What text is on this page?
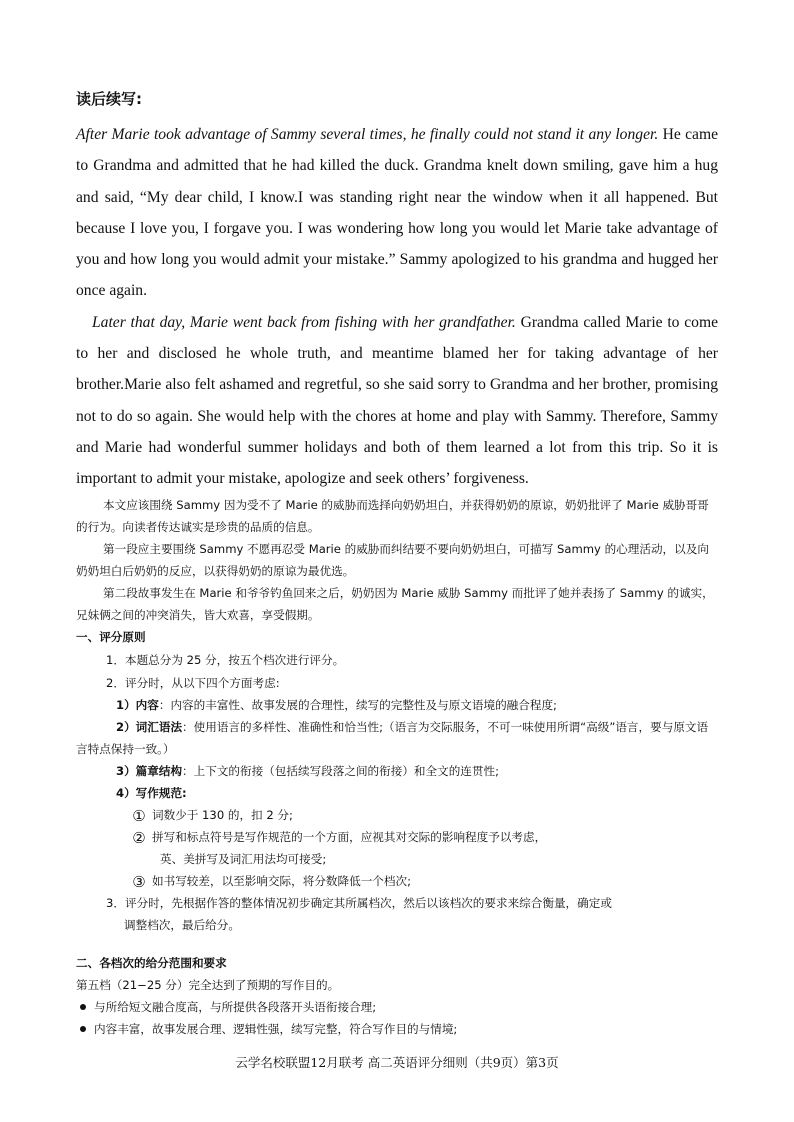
读后续写:

After Marie took advantage of Sammy several times, he finally could not stand it any longer. He came to Grandma and admitted that he had killed the duck. Grandma knelt down smiling, gave him a hug and said, “My dear child, I know.I was standing right near the window when it all happened. But because I love you, I forgave you. I was wondering how long you would let Marie take advantage of you and how long you would admit your mistake.” Sammy apologized to his grandma and hugged her once again.

Later that day, Marie went back from fishing with her grandfather. Grandma called Marie to come to her and disclosed he whole truth, and meantime blamed her for taking advantage of her brother.Marie also felt ashamed and regretful, so she said sorry to Grandma and her brother, promising not to do so again. She would help with the chores at home and play with Sammy. Therefore, Sammy and Marie had wonderful summer holidays and both of them learned a lot from this trip. So it is important to admit your mistake, apologize and seek others’ forgiveness.

本文应该围绕 Sammy 因为受不了 Marie 的威胁而选择向奶奶坦白，并获得奶奶的原谅，奶奶批评了 Marie 威胁哥哥的行为。向读者传达诚实是珍贵的品质的信息。
第一段应主要围绕 Sammy 不愿再忍受 Marie 的威胁而纠结要不要向奶奶坦白，可描写 Sammy 的心理活动，以及向奶奶坦白后奶奶的反应，以获得奶奶的原谅为最优选。
第二段故事发生在 Marie 和爷爷钓鱼回来之后，奶奶因为 Marie 威胁 Sammy 而批评了她并表扬了 Sammy 的诚实，兄妹俩之间的冲突消失，皆大欢喜，享受假期。
一、评分原则
1．本题总分为 25 分，按五个档次进行评分。
2．评分时，从以下四个方面考虑:
1）内容：内容的丰富性、故事发展的合理性，续写的完整性及与原文语境的融合程度;
2）词汇语法：使用语言的多样性、准确性和恰当性;（语言为交际服务，不可一味使用所谓“高级”语言，要与原文语言特点保持一致。）
3）篇章结构：上下文的衔接（包括续写段落之间的衔接）和全文的连贯性;
4）写作规范:
① 词数少于 130 的，扣 2 分;
② 拼写和标点符号是写作规范的一个方面，应视其对交际的影响程度予以考虑，
英、美拼写及词汇用法均可接受;
③ 如书写较差，以至影响交际，将分数降低一个档次;
3．评分时，先根据作答的整体情况初步确定其所属档次，然后以该档次的要求来综合衡量，确定或
调整档次，最后给分。
二、各档次的给分范围和要求
第五档（21−25 分）完全达到了预期的写作目的。
与所给短文融合度高，与所提供各段落开头语衔接合理;
内容丰富，故事发展合理、逻辑性强，续写完整，符合写作目的与情境;
云学名校联盟12月联考 高二英语评分细则（共9页）第3页
